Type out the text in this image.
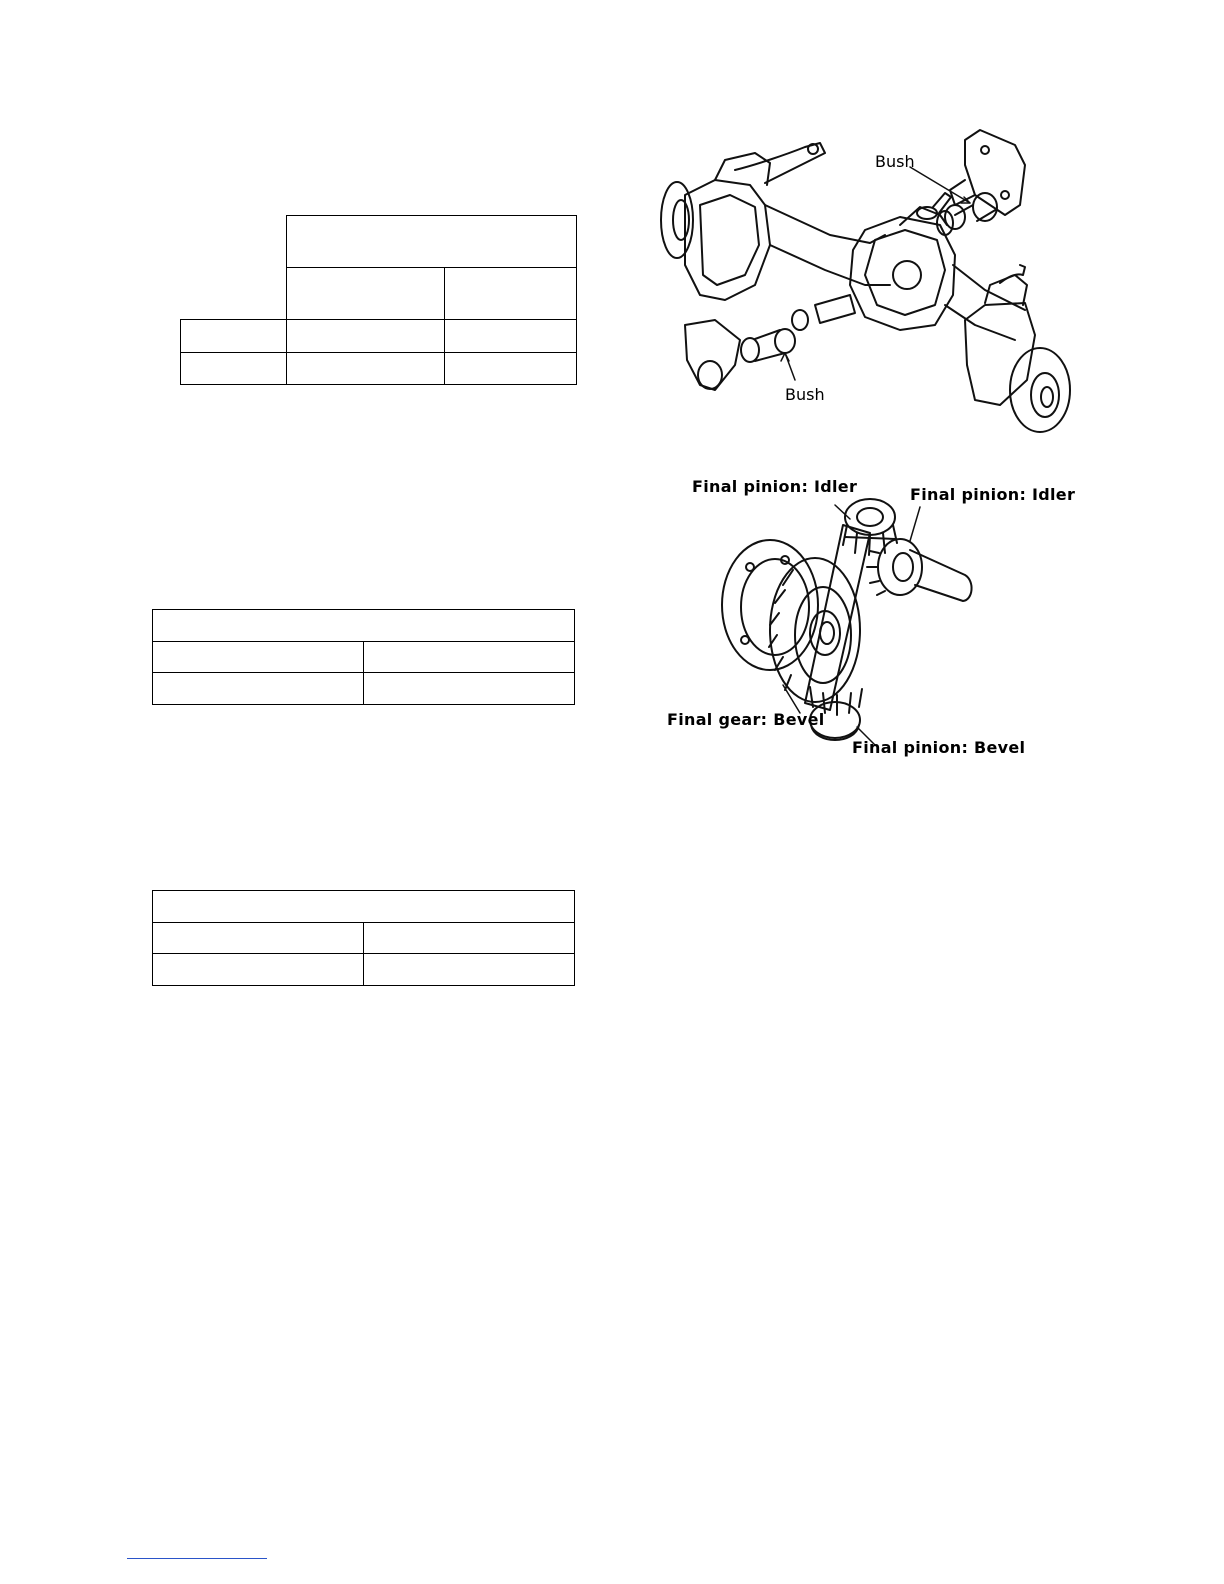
Bush
Bush
Final pinion: Idler	Final pinion: Idler
Final gear: Bevel
Final pinion: Bevel
